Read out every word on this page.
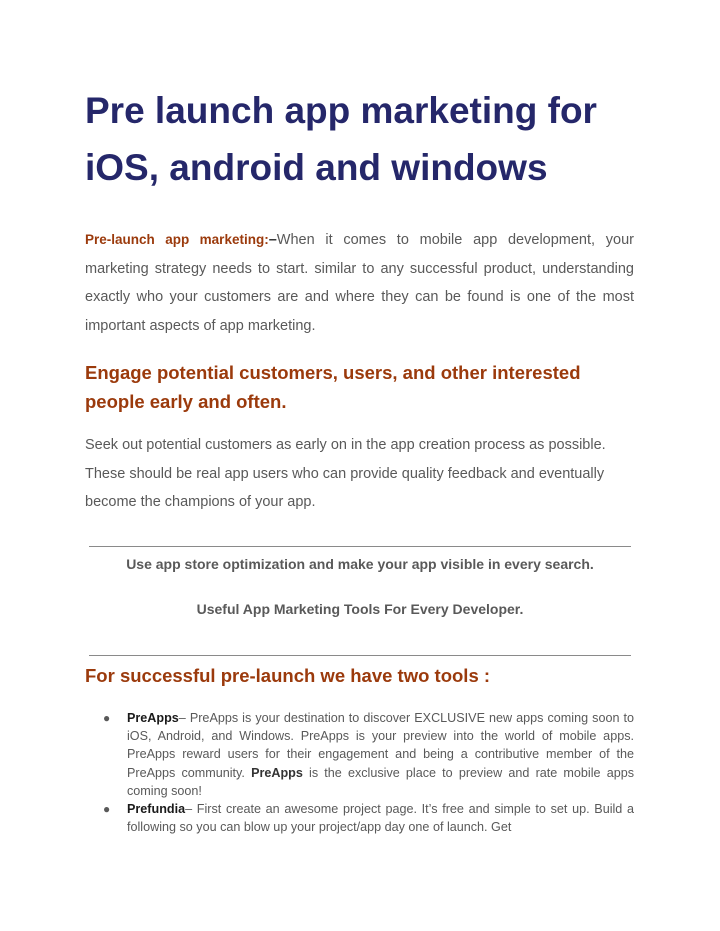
Pre launch app marketing for
iOS, android and windows

Pre-launch app marketing:–When it comes to mobile app development, your marketing strategy needs to start. similar to any successful product, understanding exactly who your customers are and where they can be found is one of the most important aspects of app marketing.

Engage potential customers, users, and other interested
people early and often.

Seek out potential customers as early on in the app creation process as possible. These should be real app users who can provide quality feedback and eventually become the champions of your app.

Use app store optimization and make your app visible in every search.

Useful App Marketing Tools For Every Developer.

For successful pre-launch we have two tools :
● PreApps– PreApps is your destination to discover EXCLUSIVE new apps coming soon to iOS, Android, and Windows. PreApps is your preview into the world of mobile apps. PreApps reward users for their engagement and being a contributive member of the PreApps community. PreApps is the exclusive place to preview and rate mobile apps coming soon!
● Prefundia– First create an awesome project page. It’s free and simple to set up. Build a following so you can blow up your project/app day one of launch. Get
